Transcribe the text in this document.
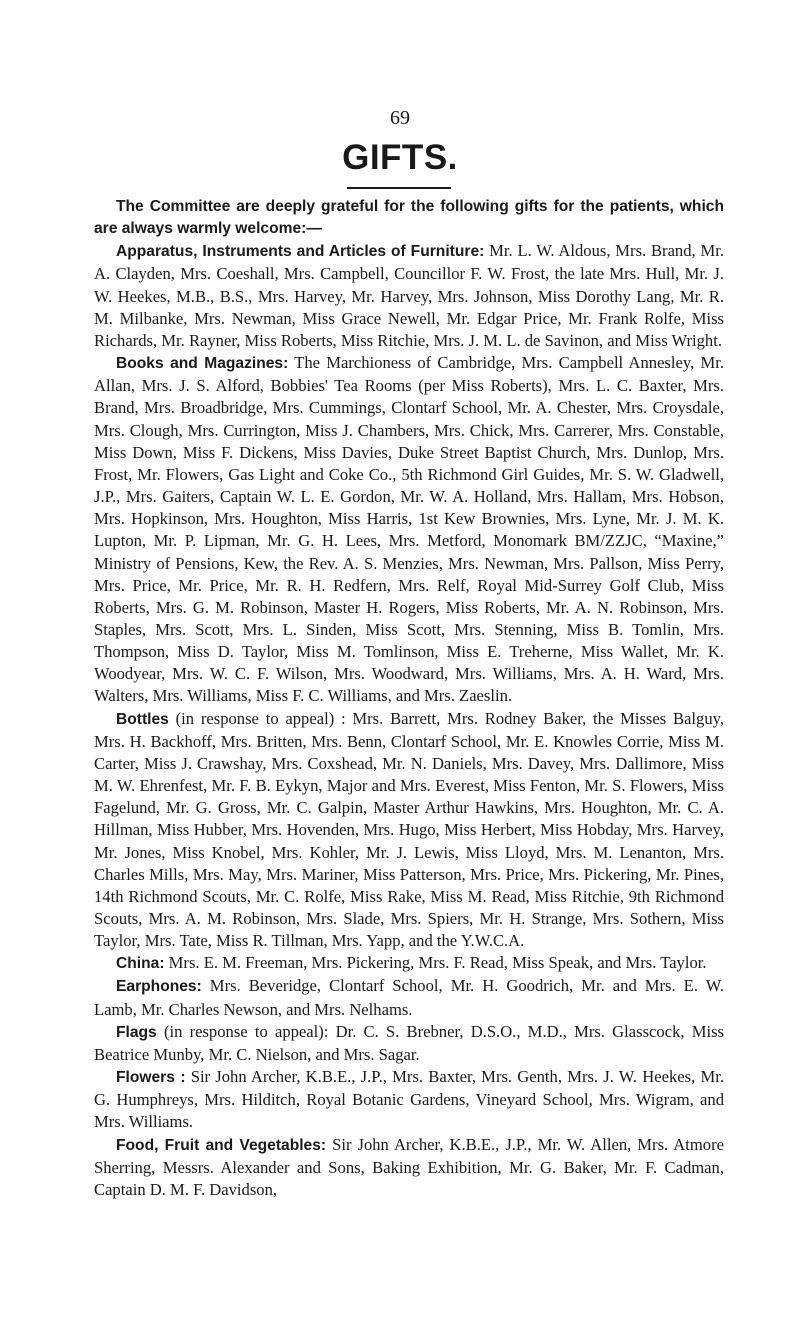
69
GIFTS.

The Committee are deeply grateful for the following gifts for the patients, which are always warmly welcome:—

Apparatus, Instruments and Articles of Furniture: Mr. L. W. Aldous, Mrs. Brand, Mr. A. Clayden, Mrs. Coeshall, Mrs. Campbell, Councillor F. W. Frost, the late Mrs. Hull, Mr. J. W. Heekes, M.B., B.S., Mrs. Harvey, Mr. Harvey, Mrs. Johnson, Miss Dorothy Lang, Mr. R. M. Milbanke, Mrs. Newman, Miss Grace Newell, Mr. Edgar Price, Mr. Frank Rolfe, Miss Richards, Mr. Rayner, Miss Roberts, Miss Ritchie, Mrs. J. M. L. de Savinon, and Miss Wright.

Books and Magazines: The Marchioness of Cambridge, Mrs. Campbell Annesley, Mr. Allan, Mrs. J. S. Alford, Bobbies' Tea Rooms (per Miss Roberts), Mrs. L. C. Baxter, Mrs. Brand, Mrs. Broadbridge, Mrs. Cummings, Clontarf School, Mr. A. Chester, Mrs. Croysdale, Mrs. Clough, Mrs. Currington, Miss J. Chambers, Mrs. Chick, Mrs. Carrerer, Mrs. Constable, Miss Down, Miss F. Dickens, Miss Davies, Duke Street Baptist Church, Mrs. Dunlop, Mrs. Frost, Mr. Flowers, Gas Light and Coke Co., 5th Richmond Girl Guides, Mr. S. W. Gladwell, J.P., Mrs. Gaiters, Captain W. L. E. Gordon, Mr. W. A. Holland, Mrs. Hallam, Mrs. Hobson, Mrs. Hopkinson, Mrs. Houghton, Miss Harris, 1st Kew Brownies, Mrs. Lyne, Mr. J. M. K. Lupton, Mr. P. Lipman, Mr. G. H. Lees, Mrs. Metford, Monomark BM/ZZJC, “Maxine,” Ministry of Pensions, Kew, the Rev. A. S. Menzies, Mrs. Newman, Mrs. Pallson, Miss Perry, Mrs. Price, Mr. Price, Mr. R. H. Redfern, Mrs. Relf, Royal Mid-Surrey Golf Club, Miss Roberts, Mrs. G. M. Robinson, Master H. Rogers, Miss Roberts, Mr. A. N. Robinson, Mrs. Staples, Mrs. Scott, Mrs. L. Sinden, Miss Scott, Mrs. Stenning, Miss B. Tomlin, Mrs. Thompson, Miss D. Taylor, Miss M. Tomlinson, Miss E. Treherne, Miss Wallet, Mr. K. Woodyear, Mrs. W. C. F. Wilson, Mrs. Woodward, Mrs. Williams, Mrs. A. H. Ward, Mrs. Walters, Mrs. Williams, Miss F. C. Williams, and Mrs. Zaeslin.

Bottles (in response to appeal) : Mrs. Barrett, Mrs. Rodney Baker, the Misses Balguy, Mrs. H. Backhoff, Mrs. Britten, Mrs. Benn, Clontarf School, Mr. E. Knowles Corrie, Miss M. Carter, Miss J. Crawshay, Mrs. Coxshead, Mr. N. Daniels, Mrs. Davey, Mrs. Dallimore, Miss M. W. Ehrenfest, Mr. F. B. Eykyn, Major and Mrs. Everest, Miss Fenton, Mr. S. Flowers, Miss Fagelund, Mr. G. Gross, Mr. C. Galpin, Master Arthur Hawkins, Mrs. Houghton, Mr. C. A. Hillman, Miss Hubber, Mrs. Hovenden, Mrs. Hugo, Miss Herbert, Miss Hobday, Mrs. Harvey, Mr. Jones, Miss Knobel, Mrs. Kohler, Mr. J. Lewis, Miss Lloyd, Mrs. M. Lenanton, Mrs. Charles Mills, Mrs. May, Mrs. Mariner, Miss Patterson, Mrs. Price, Mrs. Pickering, Mr. Pines, 14th Richmond Scouts, Mr. C. Rolfe, Miss Rake, Miss M. Read, Miss Ritchie, 9th Richmond Scouts, Mrs. A. M. Robinson, Mrs. Slade, Mrs. Spiers, Mr. H. Strange, Mrs. Sothern, Miss Taylor, Mrs. Tate, Miss R. Tillman, Mrs. Yapp, and the Y.W.C.A.

China: Mrs. E. M. Freeman, Mrs. Pickering, Mrs. F. Read, Miss Speak, and Mrs. Taylor.

Earphones: Mrs. Beveridge, Clontarf School, Mr. H. Goodrich, Mr. and Mrs. E. W. Lamb, Mr. Charles Newson, and Mrs. Nelhams.

Flags (in response to appeal): Dr. C. S. Brebner, D.S.O., M.D., Mrs. Glasscock, Miss Beatrice Munby, Mr. C. Nielson, and Mrs. Sagar.

Flowers : Sir John Archer, K.B.E., J.P., Mrs. Baxter, Mrs. Genth, Mrs. J. W. Heekes, Mr. G. Humphreys, Mrs. Hilditch, Royal Botanic Gardens, Vineyard School, Mrs. Wigram, and Mrs. Williams.

Food, Fruit and Vegetables: Sir John Archer, K.B.E., J.P., Mr. W. Allen, Mrs. Atmore Sherring, Messrs. Alexander and Sons, Baking Exhibition, Mr. G. Baker, Mr. F. Cadman, Captain D. M. F. Davidson,
